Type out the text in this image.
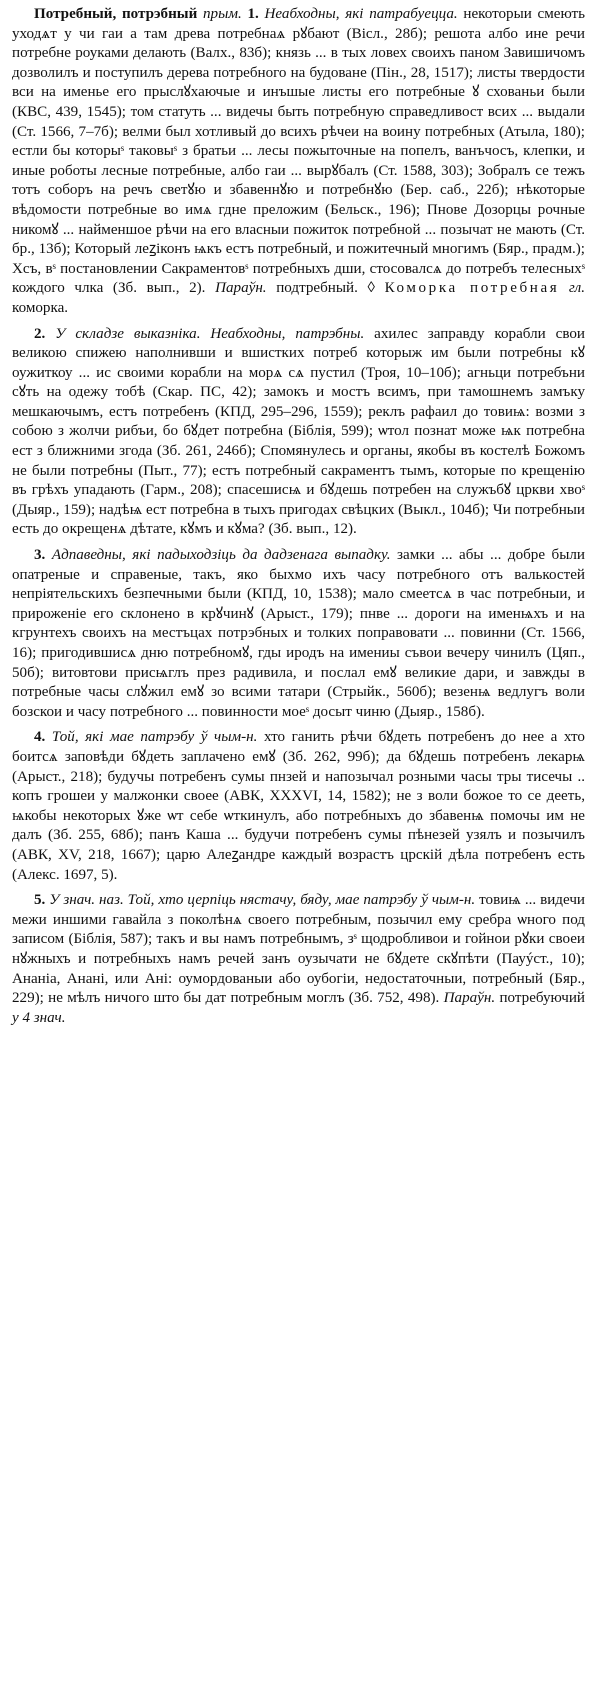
Потребный, потрэбный прым. 1. Неабходны, які патрабуецца. некоторыи смеють уходѧт у чи гаи а там древа потребнаѧ рꙋбают (Віcл., 28б); решота албо ине речи потребне роуками делають (Валх., 83б); князь ... в тых ловех своихъ паном Завишичомъ дозволилъ и поступилъ дерева потребного на будоване (Пін., 28, 1517); листы твердости вси на именье его прыслꙋхаючые и инъшые листы его потребные ꙋ схованьи были (КВС, 439, 1545); том статуть ... видечы быть потребную справедливост всих ... выдали (Ст. 1566, 7–7б); велми был хотливый до всихъ рѣчеи на воину потребных (Атыла, 180); естли бы которыˢ таковыˢ з братьи ... лесы пожыточные на попелъ, ванъчосъ, клепки, и иные роботы лесные потребные, албо гаи ... вырꙋбалъ (Ст. 1588, 303); Зобралъ се тежъ тотъ соборъ на речъ светꙋю и збавеннꙋю и потребнꙋю (Бер. саб., 22б); нѣкоторые вѣдомости потребные во имѧ гдне преложим (Бельск., 196); Пнове Дозорцы рочные никомꙋ ... найменшое рѣчи на его власныи пожиток потребной ... позычат не мають (Ст. бр., 13б); Который леꙁіконъ ѩкъ естъ потребный, и пожитечный многимъ (Бяр., прадм.); Хсъ, вˢ постановлении Сакраментовˢ потребныхъ дши, стосовалсѧ до потребъ телесныхˢ кождого члка (Зб. вып., 2). Параўн. подтребный. ◊ Коморка потребная гл. коморка.

2. У складзе выказніка. Неабходны, патрэбны. ахилес заправду корабли свои великою спижею наполнивши и вшистких потреб которыж им были потребны кꙋ оужиткоу ... ис своими корабли на морѧ сѧ пустил (Троя, 10–10б); агньци потребъни сꙋть на одежу тобѣ (Скар. ПС, 42); замокъ и мостъ всимъ, при тамошнемъ замъку мешкаючымъ, естъ потребенъ (КПД, 295–296, 1559); реклъ рафаил до товиѩ: возми з собою з жолчи рибъи, бо бꙋдет потребна (Біблія, 599); ѡтол познат може ѩк потребна ест з ближними згода (Зб. 261, 246б); Спомянулесь и органы, якобы въ костелѣ Божомъ не были потребны (Пыт., 77); естъ потребный сакраментъ тымъ, которые по крещенію въ грѣхъ упадають (Гарм., 208); спасешисѩ и бꙋдешь потребен на служъбꙋ цркви хвоˢ (Дыяр., 159); надѣѩ ест потребна в тыхъ пригодах свѣцких (Выкл., 104б); Чи потребныи есть до окрещенѧ дѣтате, кꙋмъ и кꙋма? (Зб. вып., 12).

3. Адпаведны, які падыходзіць да дадзенага выпадку. замки ... абы ... добре были опатреные и справеные, такъ, яко быхмо ихъ часу потребного отъ валькостей непріятельскихъ безпечными были (КПД, 10, 1538); мало смеетсѧ в час потребныи, и прироженіе его склонено в крꙋчинꙋ (Арыст., 179); пнве ... дороги на именѩхъ и на кгрунтехъ своихъ на местъцах потрэбных и толких поправовати ... повинни (Ст. 1566, 16); пригодившисѧ дню потребномꙋ, гды иродъ на имениы съвои вечеру чинилъ (Цяп., 50б); витовтови присѩглъ през радивила, и послал емꙋ великие дари, и завжды в потребные часы слꙋжил емꙋ зо всими татари (Стрыйк., 560б); везенѩ ведлугъ воли бозскои и часу потребного ... повинности моеˢ досыт чиню (Дыяр., 158б).

4. Той, які мае патрэбу ў чым-н. хто ганить рѣчи бꙋдеть потребенъ до нее а хто боитсѧ заповѣди бꙋдеть заплачено емꙋ (Зб. 262, 99б); да бꙋдешь потребенъ лекарѩ (Арыст., 218); будучы потребенъ сумы пнзей и напозычал розными часы тры тисечы .. копъ грошеи у малжонки своее (АВК, XXXVI, 14, 1582); не з воли божое то се дееть, ѩкобы некоторых ꙋже ѡт себе ѡткинулъ, або потребныхъ до збавенѩ помочы им не далъ (Зб. 255, 68б); панъ Каша ... будучи потребенъ сумы пѣнезей узялъ и позычилъ (АВК, XV, 218, 1667); царю Алеꙁандре каждый возрастъ црскій дѣла потребенъ есть (Алекс. 1697, 5).

5. У знач. наз. Той, хто церпіць нястачу, бяду, мае патрэбу ў чым-н. товиѩ ... видечи межи иншими гавайла з поколѣнѧ своего потребным, позычил ему сребра ѡного под записом (Біблія, 587); такъ и вы намъ потребнымъ, зˢ щодробливои и гойнои рꙋки своеи нꙋжныхъ и потребныхъ намъ речей занъ оузычати не бꙋдете скꙋпѣти (Пауýст., 10); Ананіа, Анані, или Ані: оумордованыи або оубогіи, недостаточныи, потребный (Бяр., 229); не мѣлъ ничого што бы дат потребным моглъ (Зб. 752, 498). Параўн. потребуючий у 4 знач.
